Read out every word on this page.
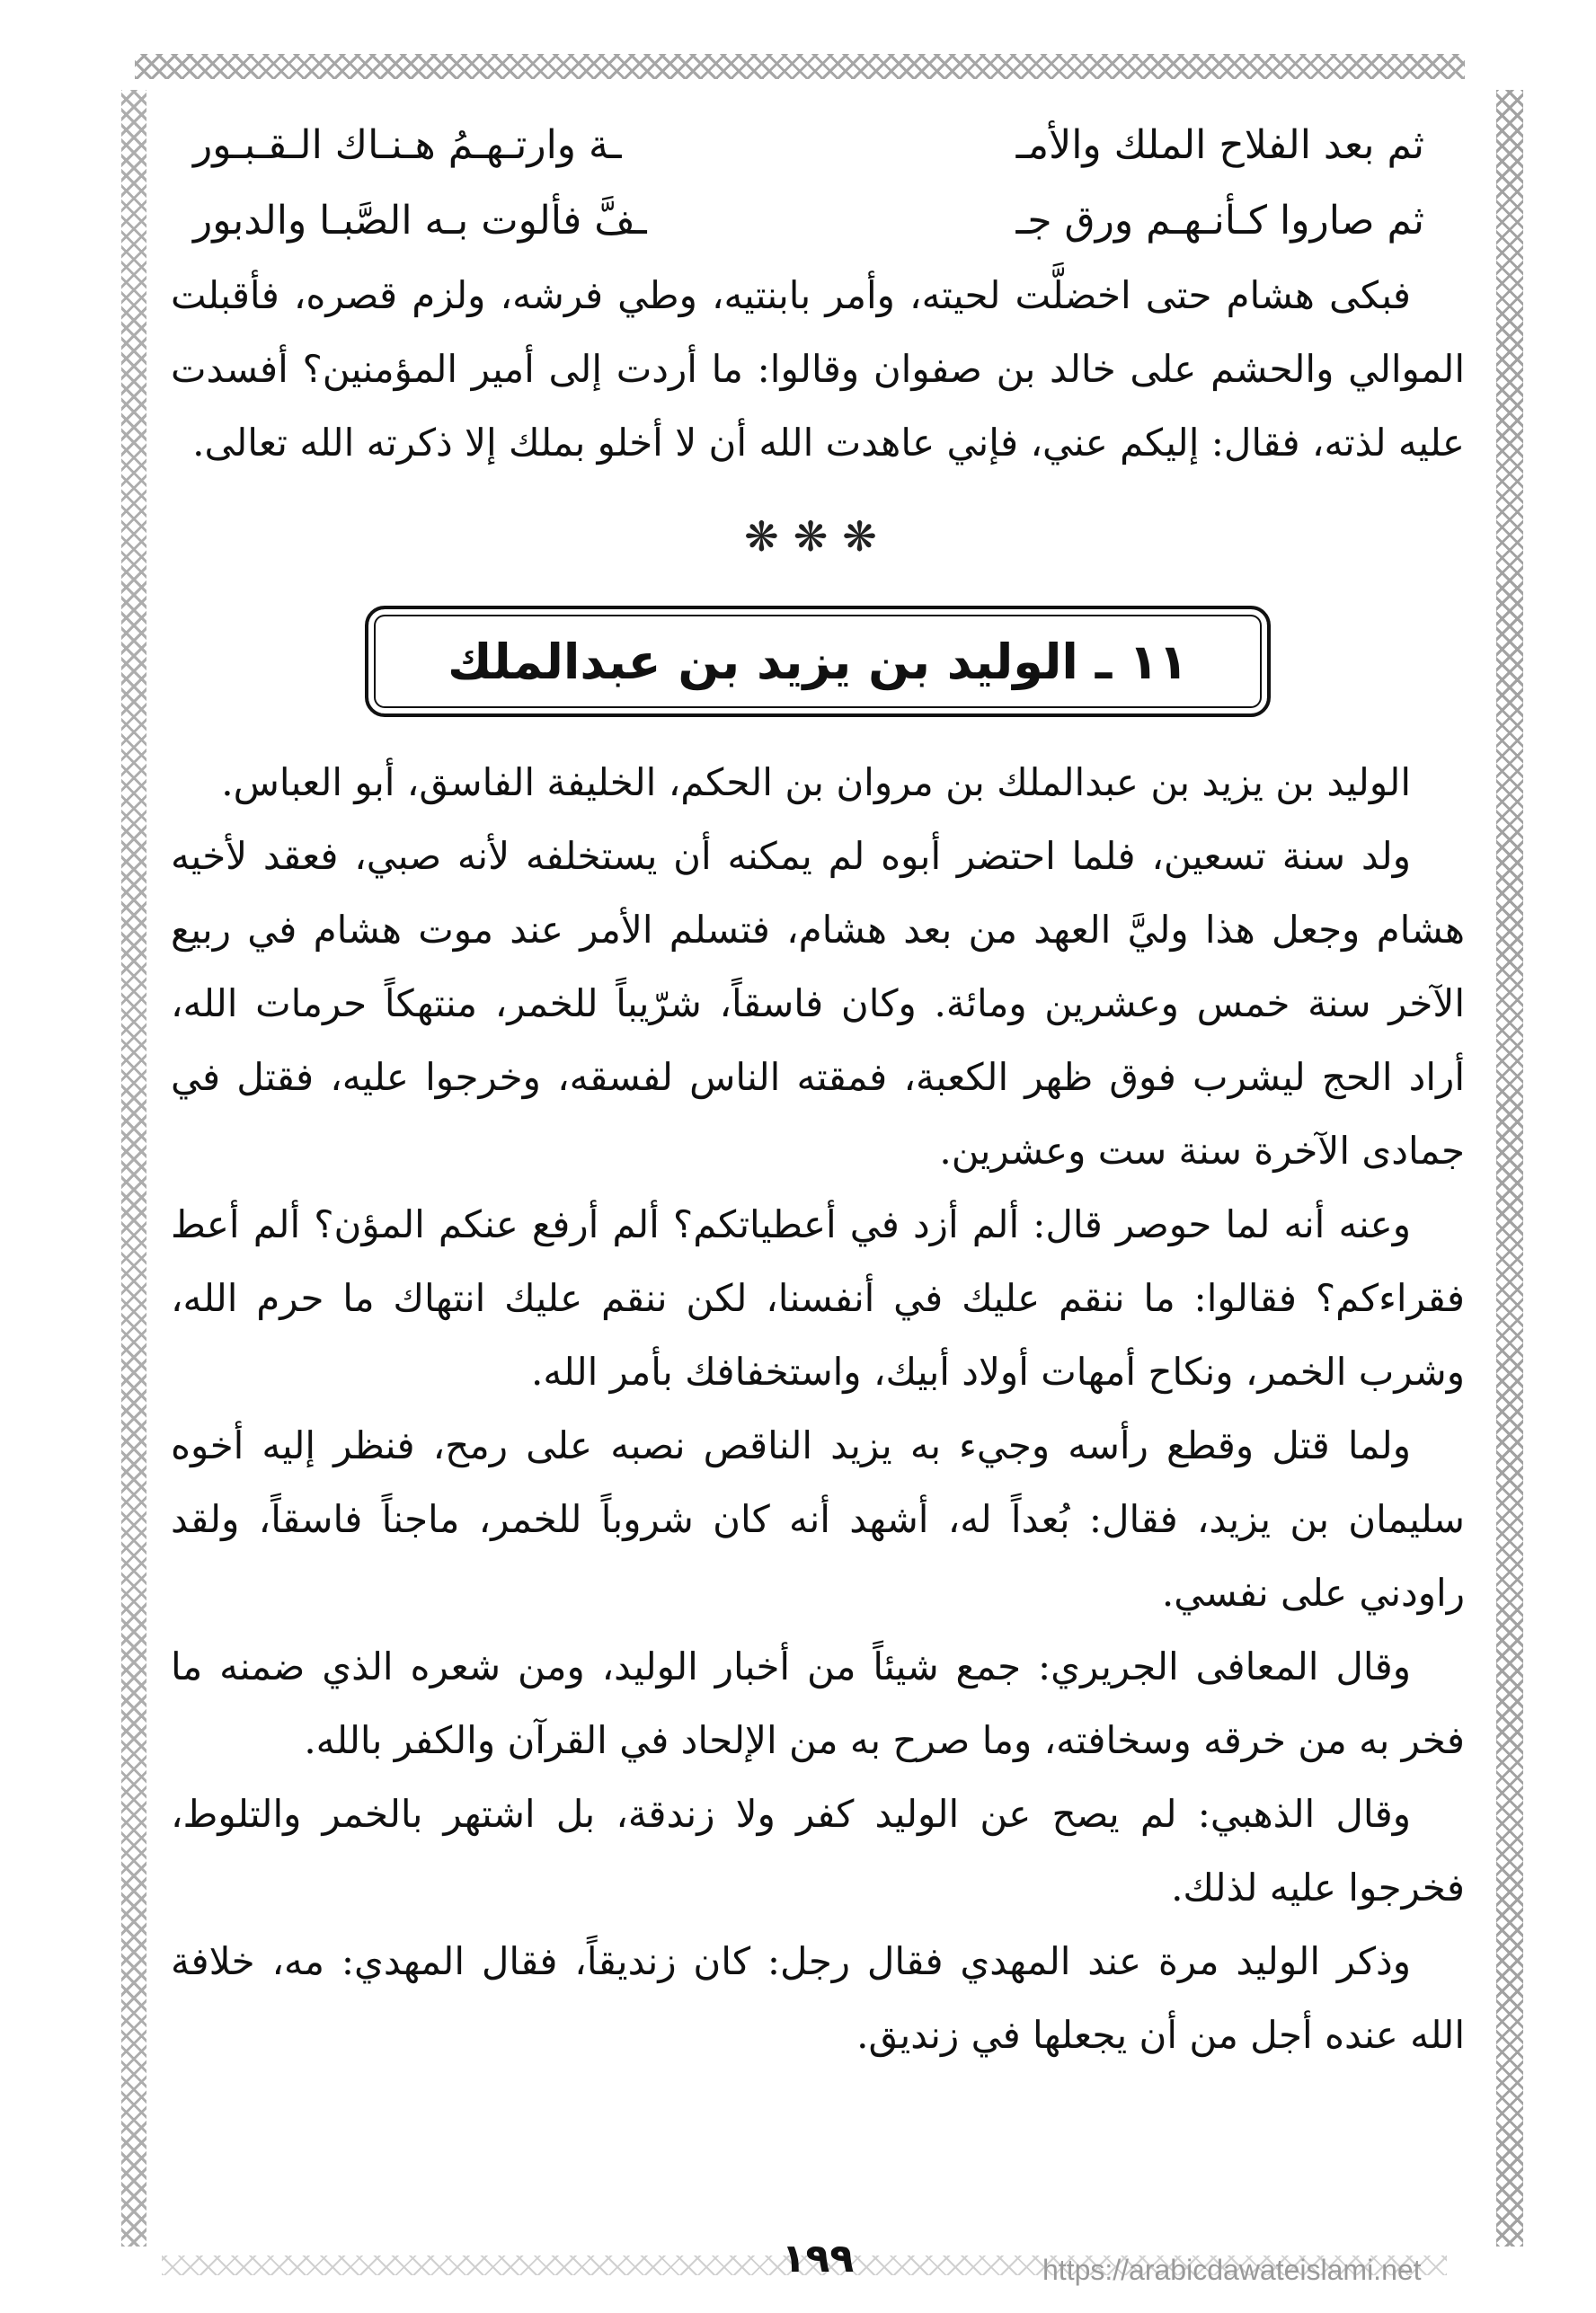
ثم بعد الفلاح الملك والأمـ
ـة وارتـهـمُ هـنـاك الـقـبـور
ثم صاروا كـأنـهـم ورق جـ
ـفَّ فألوت بـه الصَّبـا والدبور

فبكى هشام حتى اخضلَّت لحيته، وأمر بابنتيه، وطي فرشه، ولزم قصره، فأقبلت الموالي والحشم على خالد بن صفوان وقالوا: ما أردت إلى أمير المؤمنين؟ أفسدت عليه لذته، فقال: إليكم عني، فإني عاهدت الله أن لا أخلو بملك إلا ذكرته الله تعالى.

❋❋❋
١١ ـ الوليد بن يزيد بن عبدالملك

الوليد بن يزيد بن عبدالملك بن مروان بن الحكم، الخليفة الفاسق، أبو العباس.

ولد سنة تسعين، فلما احتضر أبوه لم يمكنه أن يستخلفه لأنه صبي، فعقد لأخيه هشام وجعل هذا وليَّ العهد من بعد هشام، فتسلم الأمر عند موت هشام في ربيع الآخر سنة خمس وعشرين ومائة. وكان فاسقاً، شرّيباً للخمر، منتهكاً حرمات الله، أراد الحج ليشرب فوق ظهر الكعبة، فمقته الناس لفسقه، وخرجوا عليه، فقتل في جمادى الآخرة سنة ست وعشرين.

وعنه أنه لما حوصر قال: ألم أزد في أعطياتكم؟ ألم أرفع عنكم المؤن؟ ألم أعط فقراءكم؟ فقالوا: ما ننقم عليك في أنفسنا، لكن ننقم عليك انتهاك ما حرم الله، وشرب الخمر، ونكاح أمهات أولاد أبيك، واستخفافك بأمر الله.

ولما قتل وقطع رأسه وجيء به يزيد الناقص نصبه على رمح، فنظر إليه أخوه سليمان بن يزيد، فقال: بُعداً له، أشهد أنه كان شروباً للخمر، ماجناً فاسقاً، ولقد راودني على نفسي.

وقال المعافى الجريري: جمع شيئاً من أخبار الوليد، ومن شعره الذي ضمنه ما فخر به من خرقه وسخافته، وما صرح به من الإلحاد في القرآن والكفر بالله.

وقال الذهبي: لم يصح عن الوليد كفر ولا زندقة، بل اشتهر بالخمر والتلوط، فخرجوا عليه لذلك.

وذكر الوليد مرة عند المهدي فقال رجل: كان زنديقاً، فقال المهدي: مه، خلافة الله عنده أجل من أن يجعلها في زنديق.

١٩٩	https://arabicdawateislami.net
